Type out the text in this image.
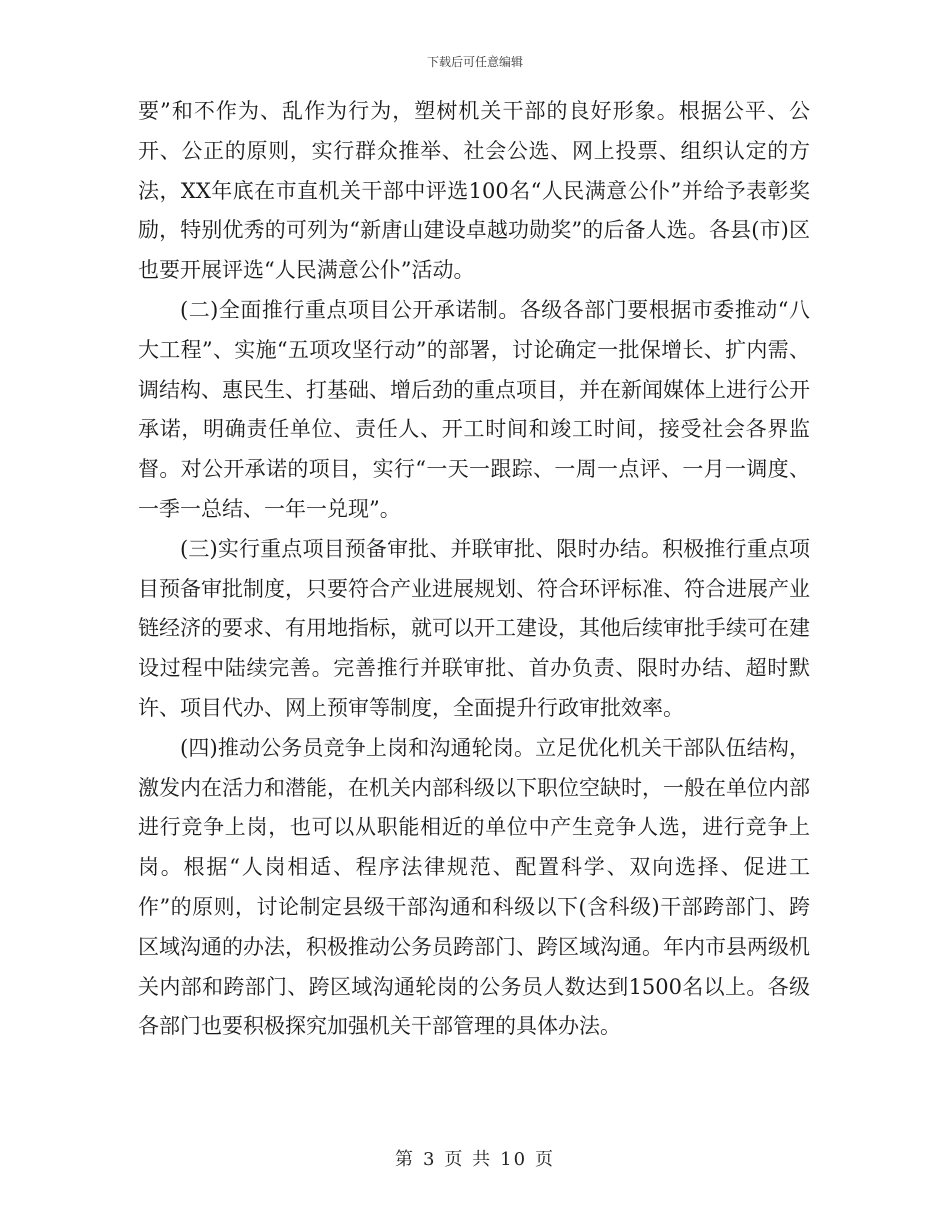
下载后可任意编辑

要”和不作为、乱作为行为，塑树机关干部的良好形象。根据公平、公开、公正的原则，实行群众推举、社会公选、网上投票、组织认定的方法，XX年底在市直机关干部中评选100名“人民满意公仆”并给予表彰奖励，特别优秀的可列为“新唐山建设卓越功勋奖”的后备人选。各县(市)区也要开展评选“人民满意公仆”活动。

(二)全面推行重点项目公开承诺制。各级各部门要根据市委推动“八大工程”、实施“五项攻坚行动”的部署，讨论确定一批保增长、扩内需、调结构、惠民生、打基础、增后劲的重点项目，并在新闻媒体上进行公开承诺，明确责任单位、责任人、开工时间和竣工时间，接受社会各界监督。对公开承诺的项目，实行“一天一跟踪、一周一点评、一月一调度、一季一总结、一年一兑现”。

(三)实行重点项目预备审批、并联审批、限时办结。积极推行重点项目预备审批制度，只要符合产业进展规划、符合环评标准、符合进展产业链经济的要求、有用地指标，就可以开工建设，其他后续审批手续可在建设过程中陆续完善。完善推行并联审批、首办负责、限时办结、超时默许、项目代办、网上预审等制度，全面提升行政审批效率。

(四)推动公务员竞争上岗和沟通轮岗。立足优化机关干部队伍结构，激发内在活力和潜能，在机关内部科级以下职位空缺时，一般在单位内部进行竞争上岗，也可以从职能相近的单位中产生竞争人选，进行竞争上岗。根据“人岗相适、程序法律规范、配置科学、双向选择、促进工作”的原则，讨论制定县级干部沟通和科级以下(含科级)干部跨部门、跨区域沟通的办法，积极推动公务员跨部门、跨区域沟通。年内市县两级机关内部和跨部门、跨区域沟通轮岗的公务员人数达到1500名以上。各级各部门也要积极探究加强机关干部管理的具体办法。

第 3 页 共 10 页
